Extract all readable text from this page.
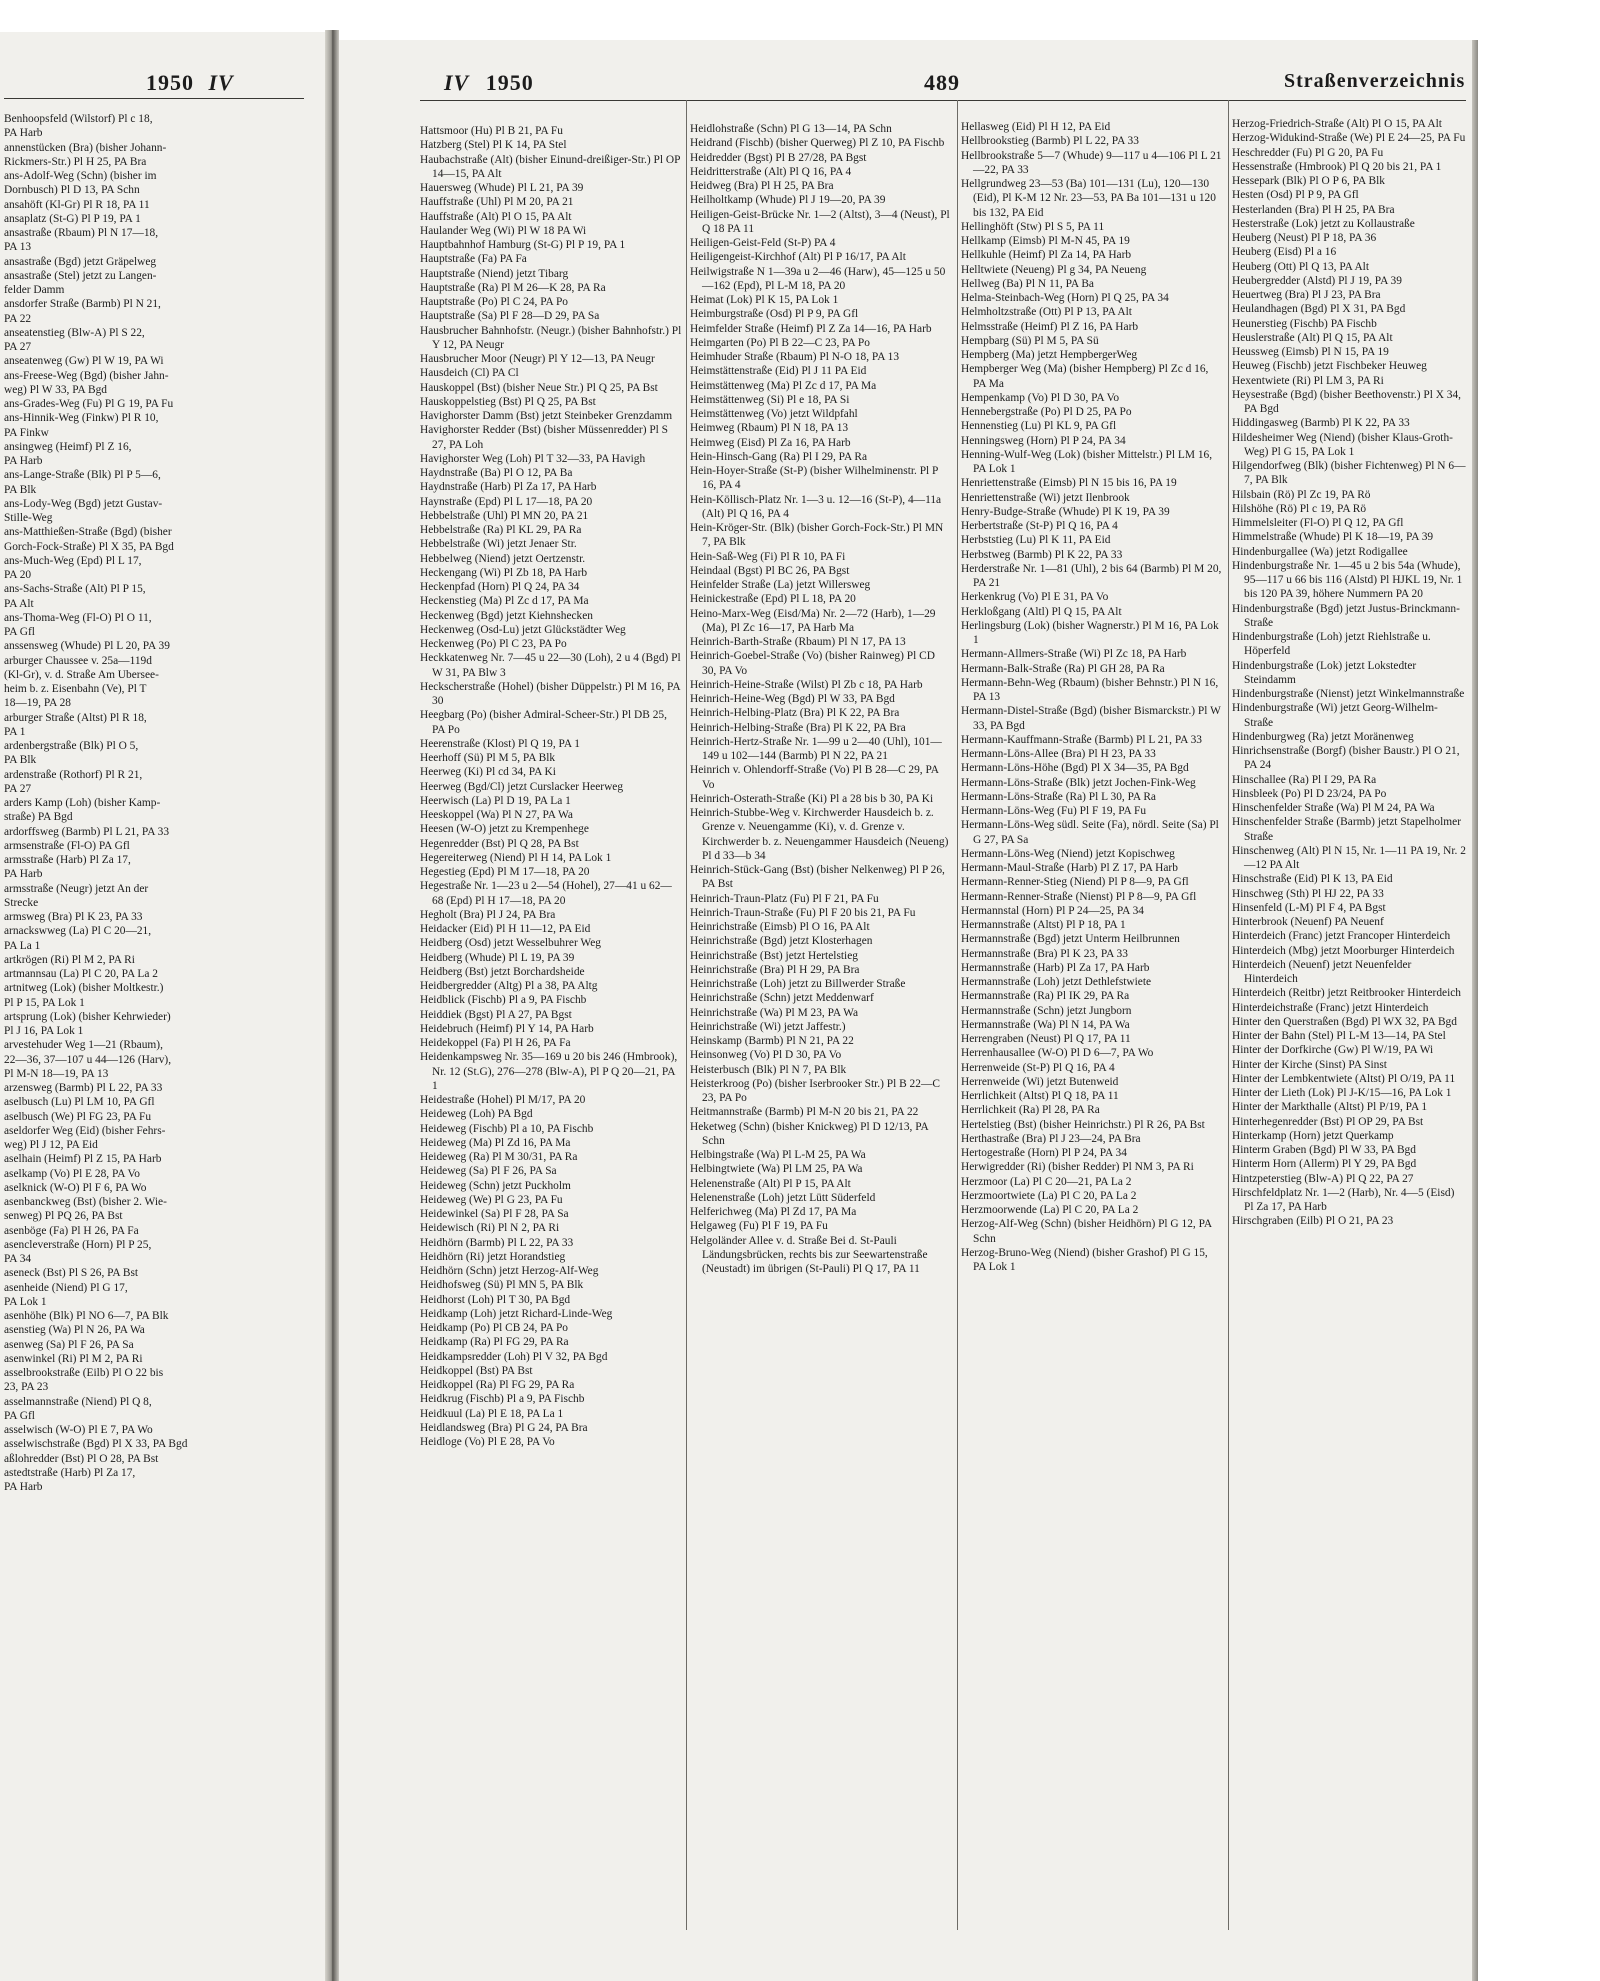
1950 IV	IV 1950	489	Straßenverzeichnis
Benhoopsfeld (Wilstorf) Pl c 18,
PA Harb
annenstücken (Bra) (bisher Johann-
Rickmers-Str.) Pl H 25, PA Bra
ans-Adolf-Weg (Schn) (bisher im
Dornbusch) Pl D 13, PA Schn
ansahöft (Kl-Gr) Pl R 18, PA 11
ansaplatz (St-G) Pl P 19, PA 1
ansastraße (Rbaum) Pl N 17—18,
PA 13
ansastraße (Bgd) jetzt Gräpelweg
ansastraße (Stel) jetzt zu Langen-
felder Damm
ansdorfer Straße (Barmb) Pl N 21,
PA 22
anseatenstieg (Blw-A) Pl S 22,
PA 27
anseatenweg (Gw) Pl W 19, PA Wi
ans-Freese-Weg (Bgd) (bisher Jahn-
weg) Pl W 33, PA Bgd
ans-Grades-Weg (Fu) Pl G 19, PA Fu
ans-Hinnik-Weg (Finkw) Pl R 10,
PA Finkw
ansingweg (Heimf) Pl Z 16,
PA Harb
ans-Lange-Straße (Blk) Pl P 5—6,
PA Blk
ans-Lody-Weg (Bgd) jetzt Gustav-
Stille-Weg
ans-Matthießen-Straße (Bgd) (bisher
Gorch-Fock-Straße) Pl X 35, PA Bgd
ans-Much-Weg (Epd) Pl L 17,
PA 20
ans-Sachs-Straße (Alt) Pl P 15,
PA Alt
ans-Thoma-Weg (Fl-O) Pl O 11,
PA Gfl
anssensweg (Whude) Pl L 20, PA 39
arburger Chaussee v. 25a—119d
(Kl-Gr), v. d. Straße Am Ubersee-
heim b. z. Eisenbahn (Ve), Pl T
18—19, PA 28
arburger Straße (Altst) Pl R 18,
PA 1
ardenbergstraße (Blk) Pl O 5,
PA Blk
ardenstraße (Rothorf) Pl R 21,
PA 27
arders Kamp (Loh) (bisher Kamp-
straße) PA Bgd
ardorffsweg (Barmb) Pl L 21, PA 33
armsenstraße (Fl-O) PA Gfl
armsstraße (Harb) Pl Za 17,
PA Harb
armsstraße (Neugr) jetzt An der
Strecke
armsweg (Bra) Pl K 23, PA 33
arnackswweg (La) Pl C 20—21,
PA La 1
artkrögen (Ri) Pl M 2, PA Ri
artmannsau (La) Pl C 20, PA La 2
artnitweg (Lok) (bisher Moltkestr.)
Pl P 15, PA Lok 1
artsprung (Lok) (bisher Kehrwieder)
Pl J 16, PA Lok 1
arvestehuder Weg 1—21 (Rbaum),
22—36, 37—107 u 44—126 (Harv),
Pl M-N 18—19, PA 13
arzensweg (Barmb) Pl L 22, PA 33
aselbusch (Lu) Pl LM 10, PA Gfl
aselbusch (We) Pl FG 23, PA Fu
aseldorfer Weg (Eid) (bisher Fehrs-
weg) Pl J 12, PA Eid
aselhain (Heimf) Pl Z 15, PA Harb
aselkamp (Vo) Pl E 28, PA Vo
aselknick (W-O) Pl F 6, PA Wo
asenbanckweg (Bst) (bisher 2. Wie-
senweg) Pl PQ 26, PA Bst
asenböge (Fa) Pl H 26, PA Fa
asencleverstraße (Horn) Pl P 25,
PA 34
aseneck (Bst) Pl S 26, PA Bst
asenheide (Niend) Pl G 17,
PA Lok 1
asenhöhe (Blk) Pl NO 6—7, PA Blk
asenstieg (Wa) Pl N 26, PA Wa
asenweg (Sa) Pl F 26, PA Sa
asenwinkel (Ri) Pl M 2, PA Ri
asselbrookstraße (Eilb) Pl O 22 bis
23, PA 23
asselmannstraße (Niend) Pl Q 8,
PA Gfl
asselwisch (W-O) Pl E 7, PA Wo
asselwischstraße (Bgd) Pl X 33, PA Bgd
aßlohredder (Bst) Pl O 28, PA Bst
astedtstraße (Harb) Pl Za 17,
PA Harb
Hattsmoor (Hu) Pl B 21, PA Fu
Hatzberg (Stel) Pl K 14, PA Stel
Haubachstraße (Alt) (bisher Einund-dreißiger-Str.) Pl OP 14—15, PA Alt
Hauersweg (Whude) Pl L 21, PA 39
Hauffstraße (Uhl) Pl M 20, PA 21
Hauffstraße (Alt) Pl O 15, PA Alt
Haulander Weg (Wi) Pl W 18 PA Wi
Hauptbahnhof Hamburg (St-G) Pl P 19, PA 1
Hauptstraße (Fa) PA Fa
Hauptstraße (Niend) jetzt Tibarg
Hauptstraße (Ra) Pl M 26—K 28, PA Ra
Hauptstraße (Po) Pl C 24, PA Po
Hauptstraße (Sa) Pl F 28—D 29, PA Sa
Hausbrucher Bahnhofstr. (Neugr.) (bisher Bahnhofstr.) Pl Y 12, PA Neugr
Hausbrucher Moor (Neugr) Pl Y 12—13, PA Neugr
Hausdeich (Cl) PA Cl
Hauskoppel (Bst) (bisher Neue Str.) Pl Q 25, PA Bst
Hauskoppelstieg (Bst) Pl Q 25, PA Bst
Havighorster Damm (Bst) jetzt Steinbeker Grenzdamm
Havighorster Redder (Bst) (bisher Müssenredder) Pl S 27, PA Loh
Havighorster Weg (Loh) Pl T 32—33, PA Havigh
Haydnstraße (Ba) Pl O 12, PA Ba
Haydnstraße (Harb) Pl Za 17, PA Harb
Haynstraße (Epd) Pl L 17—18, PA 20
Hebbelstraße (Uhl) Pl MN 20, PA 21
Hebbelstraße (Ra) Pl KL 29, PA Ra
Hebbelstraße (Wi) jetzt Jenaer Str.
Hebbelweg (Niend) jetzt Oertzenstr.
Heckengang (Wi) Pl Zb 18, PA Harb
Heckenpfad (Horn) Pl Q 24, PA 34
Heckenstieg (Ma) Pl Zc d 17, PA Ma
Heckenweg (Bgd) jetzt Kiehnshecken
Heckenweg (Osd-Lu) jetzt Glückstädter Weg
Heckenweg (Po) Pl C 23, PA Po
Heckkatenweg Nr. 7—45 u 22—30 (Loh), 2 u 4 (Bgd) Pl W 31, PA Blw 3
Heckscherstraße (Hohel) (bisher Düppelstr.) Pl M 16, PA 30
Heegbarg (Po) (bisher Admiral-Scheer-Str.) Pl DB 25, PA Po
Heerenstraße (Klost) Pl Q 19, PA 1
Heerhoff (Sü) Pl M 5, PA Blk
Heerweg (Ki) Pl cd 34, PA Ki
Heerweg (Bgd/Cl) jetzt Curslacker Heerweg
Heerwisch (La) Pl D 19, PA La 1
Heeskoppel (Wa) Pl N 27, PA Wa
Heesen (W-O) jetzt zu Krempenhege
Hegenredder (Bst) Pl Q 28, PA Bst
Hegereiterweg (Niend) Pl H 14, PA Lok 1
Hegestieg (Epd) Pl M 17—18, PA 20
Hegestraße Nr. 1—23 u 2—54 (Hohel), 27—41 u 62—68 (Epd) Pl H 17—18, PA 20
Hegholt (Bra) Pl J 24, PA Bra
Heidacker (Eid) Pl H 11—12, PA Eid
Heidberg (Osd) jetzt Wesselbuhrer Weg
Heidberg (Whude) Pl L 19, PA 39
Heidberg (Bst) jetzt Borchardsheide
Heidbergredder (Altg) Pl a 38, PA Altg
Heidblick (Fischb) Pl a 9, PA Fischb
Heiddiek (Bgst) Pl A 27, PA Bgst
Heidebruch (Heimf) Pl Y 14, PA Harb
Heidekoppel (Fa) Pl H 26, PA Fa
Heidenkampsweg Nr. 35—169 u 20 bis 246 (Hmbrook), Nr. 12 (St.G), 276—278 (Blw-A), Pl P Q 20—21, PA 1
Heidestraße (Hohel) Pl M/17, PA 20
Heideweg (Loh) PA Bgd
Heideweg (Fischb) Pl a 10, PA Fischb
Heideweg (Ma) Pl Zd 16, PA Ma
Heideweg (Ra) Pl M 30/31, PA Ra
Heideweg (Sa) Pl F 26, PA Sa
Heideweg (Schn) jetzt Puckholm
Heideweg (We) Pl G 23, PA Fu
Heidewinkel (Sa) Pl F 28, PA Sa
Heidewisch (Ri) Pl N 2, PA Ri
Heidhörn (Barmb) Pl L 22, PA 33
Heidhörn (Ri) jetzt Horandstieg
Heidhörn (Schn) jetzt Herzog-Alf-Weg
Heidhofsweg (Sü) Pl MN 5, PA Blk
Heidhorst (Loh) Pl T 30, PA Bgd
Heidkamp (Loh) jetzt Richard-Linde-Weg
Heidkamp (Po) Pl CB 24, PA Po
Heidkamp (Ra) Pl FG 29, PA Ra
Heidkampsredder (Loh) Pl V 32, PA Bgd
Heidkoppel (Bst) PA Bst
Heidkoppel (Ra) Pl FG 29, PA Ra
Heidkrug (Fischb) Pl a 9, PA Fischb
Heidkuul (La) Pl E 18, PA La 1
Heidlandsweg (Bra) Pl G 24, PA Bra
Heidloge (Vo) Pl E 28, PA Vo
Heidlohstraße (Schn) Pl G 13—14, PA Schn
Heidrand (Fischb) (bisher Querweg) Pl Z 10, PA Fischb
Heidredder (Bgst) Pl B 27/28, PA Bgst
Heidritterstraße (Alt) Pl Q 16, PA 4
Heidweg (Bra) Pl H 25, PA Bra
Heilholtkamp (Whude) Pl J 19—20, PA 39
Heiligen-Geist-Brücke Nr. 1—2 (Altst), 3—4 (Neust), Pl Q 18 PA 11
Heiligen-Geist-Feld (St-P) PA 4
Heiligengeist-Kirchhof (Alt) Pl P 16/17, PA Alt
Heilwigstraße N 1—39a u 2—46 (Harw), 45—125 u 50—162 (Epd), Pl L-M 18, PA 20
Heimat (Lok) Pl K 15, PA Lok 1
Heimburgstraße (Osd) Pl P 9, PA Gfl
Heimfelder Straße (Heimf) Pl Z Za 14—16, PA Harb
Heimgarten (Po) Pl B 22—C 23, PA Po
Heimhuder Straße (Rbaum) Pl N-O 18, PA 13
Heimstättenstraße (Eid) Pl J 11 PA Eid
Heimstättenweg (Ma) Pl Zc d 17, PA Ma
Heimstättenweg (Si) Pl e 18, PA Si
Heimstättenweg (Vo) jetzt Wildpfahl
Heimweg (Rbaum) Pl N 18, PA 13
Heimweg (Eisd) Pl Za 16, PA Harb
Hein-Hinsch-Gang (Ra) Pl I 29, PA Ra
Hein-Hoyer-Straße (St-P) (bisher Wilhelminenstr. Pl P 16, PA 4
Hein-Köllisch-Platz Nr. 1—3 u. 12—16 (St-P), 4—11a (Alt) Pl Q 16, PA 4
Hein-Kröger-Str. (Blk) (bisher Gorch-Fock-Str.) Pl MN 7, PA Blk
Hein-Saß-Weg (Fi) Pl R 10, PA Fi
Heindaal (Bgst) Pl BC 26, PA Bgst
Heinfelder Straße (La) jetzt Willersweg
Heinickestraße (Epd) Pl L 18, PA 20
Heino-Marx-Weg (Eisd/Ma) Nr. 2—72 (Harb), 1—29 (Ma), Pl Zc 16—17, PA Harb Ma
Heinrich-Barth-Straße (Rbaum) Pl N 17, PA 13
Heinrich-Goebel-Straße (Vo) (bisher Rainweg) Pl CD 30, PA Vo
Heinrich-Heine-Straße (Wilst) Pl Zb c 18, PA Harb
Heinrich-Heine-Weg (Bgd) Pl W 33, PA Bgd
Heinrich-Helbing-Platz (Bra) Pl K 22, PA Bra
Heinrich-Helbing-Straße (Bra) Pl K 22, PA Bra
Heinrich-Hertz-Straße Nr. 1—99 u 2—40 (Uhl), 101—149 u 102—144 (Barmb) Pl N 22, PA 21
Heinrich v. Ohlendorff-Straße (Vo) Pl B 28—C 29, PA Vo
Heinrich-Osterath-Straße (Ki) Pl a 28 bis b 30, PA Ki
Heinrich-Stubbe-Weg v. Kirchwerder Hausdeich b. z. Grenze v. Neuengamme (Ki), v. d. Grenze v. Kirchwerder b. z. Neuengammer Hausdeich (Neueng) Pl d 33—b 34
Heinrich-Stück-Gang (Bst) (bisher Nelkenweg) Pl P 26, PA Bst
Heinrich-Traun-Platz (Fu) Pl F 21, PA Fu
Heinrich-Traun-Straße (Fu) Pl F 20 bis 21, PA Fu
Heinrichstraße (Eimsb) Pl O 16, PA Alt
Heinrichstraße (Bgd) jetzt Klosterhagen
Heinrichstraße (Bst) jetzt Hertelstieg
Heinrichstraße (Bra) Pl H 29, PA Bra
Heinrichstraße (Loh) jetzt zu Billwerder Straße
Heinrichstraße (Schn) jetzt Meddenwarf
Heinrichstraße (Wa) Pl M 23, PA Wa
Heinrichstraße (Wi) jetzt Jaffestr.)
Heinskamp (Barmb) Pl N 21, PA 22
Heinsonweg (Vo) Pl D 30, PA Vo
Heisterbusch (Blk) Pl N 7, PA Blk
Heisterkroog (Po) (bisher Iserbrooker Str.) Pl B 22—C 23, PA Po
Heitmannstraße (Barmb) Pl M-N 20 bis 21, PA 22
Heketweg (Schn) (bisher Knickweg) Pl D 12/13, PA Schn
Helbingstraße (Wa) Pl L-M 25, PA Wa
Helbingtwiete (Wa) Pl LM 25, PA Wa
Helenenstraße (Alt) Pl P 15, PA Alt
Helenenstraße (Loh) jetzt Lütt Süderfeld
Helferichweg (Ma) Pl Zd 17, PA Ma
Helgaweg (Fu) Pl F 19, PA Fu
Helgoländer Allee v. d. Straße Bei d. St-Pauli Ländungsbrücken, rechts bis zur Seewartenstraße (Neustadt) im übrigen (St-Pauli) Pl Q 17, PA 11
Hellasweg (Eid) Pl H 12, PA Eid
Hellbrookstieg (Barmb) Pl L 22, PA 33
Hellbrookstraße 5—7 (Whude) 9—117 u 4—106 Pl L 21—22, PA 33
Hellgrundweg 23—53 (Ba) 101—131 (Lu), 120—130 (Eid), Pl K-M 12 Nr. 23—53, PA Ba 101—131 u 120 bis 132, PA Eid
Hellinghöft (Stw) Pl S 5, PA 11
Hellkamp (Eimsb) Pl M-N 45, PA 19
Hellkuhle (Heimf) Pl Za 14, PA Harb
Helltwiete (Neueng) Pl g 34, PA Neueng
Hellweg (Ba) Pl N 11, PA Ba
Helma-Steinbach-Weg (Horn) Pl Q 25, PA 34
Helmholtzstraße (Ott) Pl P 13, PA Alt
Helmsstraße (Heimf) Pl Z 16, PA Harb
Hempbarg (Sü) Pl M 5, PA Sü
Hempberg (Ma) jetzt HempbergerWeg
Hempberger Weg (Ma) (bisher Hempberg) Pl Zc d 16, PA Ma
Hempenkamp (Vo) Pl D 30, PA Vo
Hennebergstraße (Po) Pl D 25, PA Po
Hennenstieg (Lu) Pl KL 9, PA Gfl
Henningsweg (Horn) Pl P 24, PA 34
Henning-Wulf-Weg (Lok) (bisher Mittelstr.) Pl LM 16, PA Lok 1
Henriettenstraße (Eimsb) Pl N 15 bis 16, PA 19
Henriettenstraße (Wi) jetzt Ilenbrook
Henry-Budge-Straße (Whude) Pl K 19, PA 39
Herbertstraße (St-P) Pl Q 16, PA 4
Herbststieg (Lu) Pl K 11, PA Eid
Herbstweg (Barmb) Pl K 22, PA 33
Herderstraße Nr. 1—81 (Uhl), 2 bis 64 (Barmb) Pl M 20, PA 21
Herkenkrug (Vo) Pl E 31, PA Vo
Herkloßgang (Altl) Pl Q 15, PA Alt
Herlingsburg (Lok) (bisher Wagnerstr.) Pl M 16, PA Lok 1
Hermann-Allmers-Straße (Wi) Pl Zc 18, PA Harb
Hermann-Balk-Straße (Ra) Pl GH 28, PA Ra
Hermann-Behn-Weg (Rbaum) (bisher Behnstr.) Pl N 16, PA 13
Hermann-Distel-Straße (Bgd) (bisher Bismarckstr.) Pl W 33, PA Bgd
Hermann-Kauffmann-Straße (Barmb) Pl L 21, PA 33
Hermann-Löns-Allee (Bra) Pl H 23, PA 33
Hermann-Löns-Höhe (Bgd) Pl X 34—35, PA Bgd
Hermann-Löns-Straße (Blk) jetzt Jochen-Fink-Weg
Hermann-Löns-Straße (Ra) Pl L 30, PA Ra
Hermann-Löns-Weg (Fu) Pl F 19, PA Fu
Hermann-Löns-Weg südl. Seite (Fa), nördl. Seite (Sa) Pl G 27, PA Sa
Hermann-Löns-Weg (Niend) jetzt Kopischweg
Hermann-Maul-Straße (Harb) Pl Z 17, PA Harb
Hermann-Renner-Stieg (Niend) Pl P 8—9, PA Gfl
Hermann-Renner-Straße (Nienst) Pl P 8—9, PA Gfl
Hermannstal (Horn) Pl P 24—25, PA 34
Hermannstraße (Altst) Pl P 18, PA 1
Hermannstraße (Bgd) jetzt Unterm Heilbrunnen
Hermannstraße (Bra) Pl K 23, PA 33
Hermannstraße (Harb) Pl Za 17, PA Harb
Hermannstraße (Loh) jetzt Dethlefstwiete
Hermannstraße (Ra) Pl IK 29, PA Ra
Hermannstraße (Schn) jetzt Jungborn
Hermannstraße (Wa) Pl N 14, PA Wa
Herrengraben (Neust) Pl Q 17, PA 11
Herrenhausallee (W-O) Pl D 6—7, PA Wo
Herrenweide (St-P) Pl Q 16, PA 4
Herrenweide (Wi) jetzt Butenweid
Herrlichkeit (Altst) Pl Q 18, PA 11
Herrlichkeit (Ra) Pl 28, PA Ra
Hertelstieg (Bst) (bisher Heinrichstr.) Pl R 26, PA Bst
Herthastraße (Bra) Pl J 23—24, PA Bra
Hertogestraße (Horn) Pl P 24, PA 34
Herwigredder (Ri) (bisher Redder) Pl NM 3, PA Ri
Herzmoor (La) Pl C 20—21, PA La 2
Herzmoortwiete (La) Pl C 20, PA La 2
Herzmoorwende (La) Pl C 20, PA La 2
Herzog-Alf-Weg (Schn) (bisher Heidhörn) Pl G 12, PA Schn
Herzog-Bruno-Weg (Niend) (bisher Grashof) Pl G 15, PA Lok 1
Herzog-Friedrich-Straße (Alt) Pl O 15, PA Alt
Herzog-Widukind-Straße (We) Pl E 24—25, PA Fu
Heschredder (Fu) Pl G 20, PA Fu
Hessenstraße (Hmbrook) Pl Q 20 bis 21, PA 1
Hessepark (Blk) Pl O P 6, PA Blk
Hesten (Osd) Pl P 9, PA Gfl
Hesterlanden (Bra) Pl H 25, PA Bra
Hesterstraße (Lok) jetzt zu Kollaustraße
Heuberg (Neust) Pl P 18, PA 36
Heuberg (Eisd) Pl a 16
Heuberg (Ott) Pl Q 13, PA Alt
Heubergredder (Alstd) Pl J 19, PA 39
Heuertweg (Bra) Pl J 23, PA Bra
Heulandhagen (Bgd) Pl X 31, PA Bgd
Heunerstieg (Fischb) PA Fischb
Heuslerstraße (Alt) Pl Q 15, PA Alt
Heussweg (Eimsb) Pl N 15, PA 19
Heuweg (Fischb) jetzt Fischbeker Heuweg
Hexentwiete (Ri) Pl LM 3, PA Ri
Heysestraße (Bgd) (bisher Beethovenstr.) Pl X 34, PA Bgd
Hiddingasweg (Barmb) Pl K 22, PA 33
Hildesheimer Weg (Niend) (bisher Klaus-Groth-Weg) Pl G 15, PA Lok 1
Hilgendorfweg (Blk) (bisher Fichtenweg) Pl N 6—7, PA Blk
Hilsbain (Rö) Pl Zc 19, PA Rö
Hilshöhe (Rö) Pl c 19, PA Rö
Himmelsleiter (Fl-O) Pl Q 12, PA Gfl
Himmelstraße (Whude) Pl K 18—19, PA 39
Hindenburgallee (Wa) jetzt Rodigallee
Hindenburgstraße Nr. 1—45 u 2 bis 54a (Whude), 95—117 u 66 bis 116 (Alstd) Pl HJKL 19, Nr. 1 bis 120 PA 39, höhere Nummern PA 20
Hindenburgstraße (Bgd) jetzt Justus-Brinckmann-Straße
Hindenburgstraße (Loh) jetzt Riehlstraße u. Höperfeld
Hindenburgstraße (Lok) jetzt Lokstedter Steindamm
Hindenburgstraße (Nienst) jetzt Winkelmannstraße
Hindenburgstraße (Wi) jetzt Georg-Wilhelm-Straße
Hindenburgweg (Ra) jetzt Moränenweg
Hinrichsenstraße (Borgf) (bisher Baustr.) Pl O 21, PA 24
Hinschallee (Ra) Pl I 29, PA Ra
Hinsbleek (Po) Pl D 23/24, PA Po
Hinschenfelder Straße (Wa) Pl M 24, PA Wa
Hinschenfelder Straße (Barmb) jetzt Stapelholmer Straße
Hinschenweg (Alt) Pl N 15, Nr. 1—11 PA 19, Nr. 2—12 PA Alt
Hinschstraße (Eid) Pl K 13, PA Eid
Hinschweg (Sth) Pl HJ 22, PA 33
Hinsenfeld (L-M) Pl F 4, PA Bgst
Hinterbrook (Neuenf) PA Neuenf
Hinterdeich (Franc) jetzt Francoper Hinterdeich
Hinterdeich (Mbg) jetzt Moorburger Hinterdeich
Hinterdeich (Neuenf) jetzt Neuenfelder Hinterdeich
Hinterdeich (Reitbr) jetzt Reitbrooker Hinterdeich
Hinterdeichstraße (Franc) jetzt Hinterdeich
Hinter den Querstraßen (Bgd) Pl WX 32, PA Bgd
Hinter der Bahn (Stel) Pl L-M 13—14, PA Stel
Hinter der Dorfkirche (Gw) Pl W/19, PA Wi
Hinter der Kirche (Sinst) PA Sinst
Hinter der Lembkentwiete (Altst) Pl O/19, PA 11
Hinter der Lieth (Lok) Pl J-K/15—16, PA Lok 1
Hinter der Markthalle (Altst) Pl P/19, PA 1
Hinterhegenredder (Bst) Pl OP 29, PA Bst
Hinterkamp (Horn) jetzt Querkamp
Hinterm Graben (Bgd) Pl W 33, PA Bgd
Hinterm Horn (Allerm) Pl Y 29, PA Bgd
Hintzpeterstieg (Blw-A) Pl Q 22, PA 27
Hirschfeldplatz Nr. 1—2 (Harb), Nr. 4—5 (Eisd) Pl Za 17, PA Harb
Hirschgraben (Eilb) Pl O 21, PA 23
